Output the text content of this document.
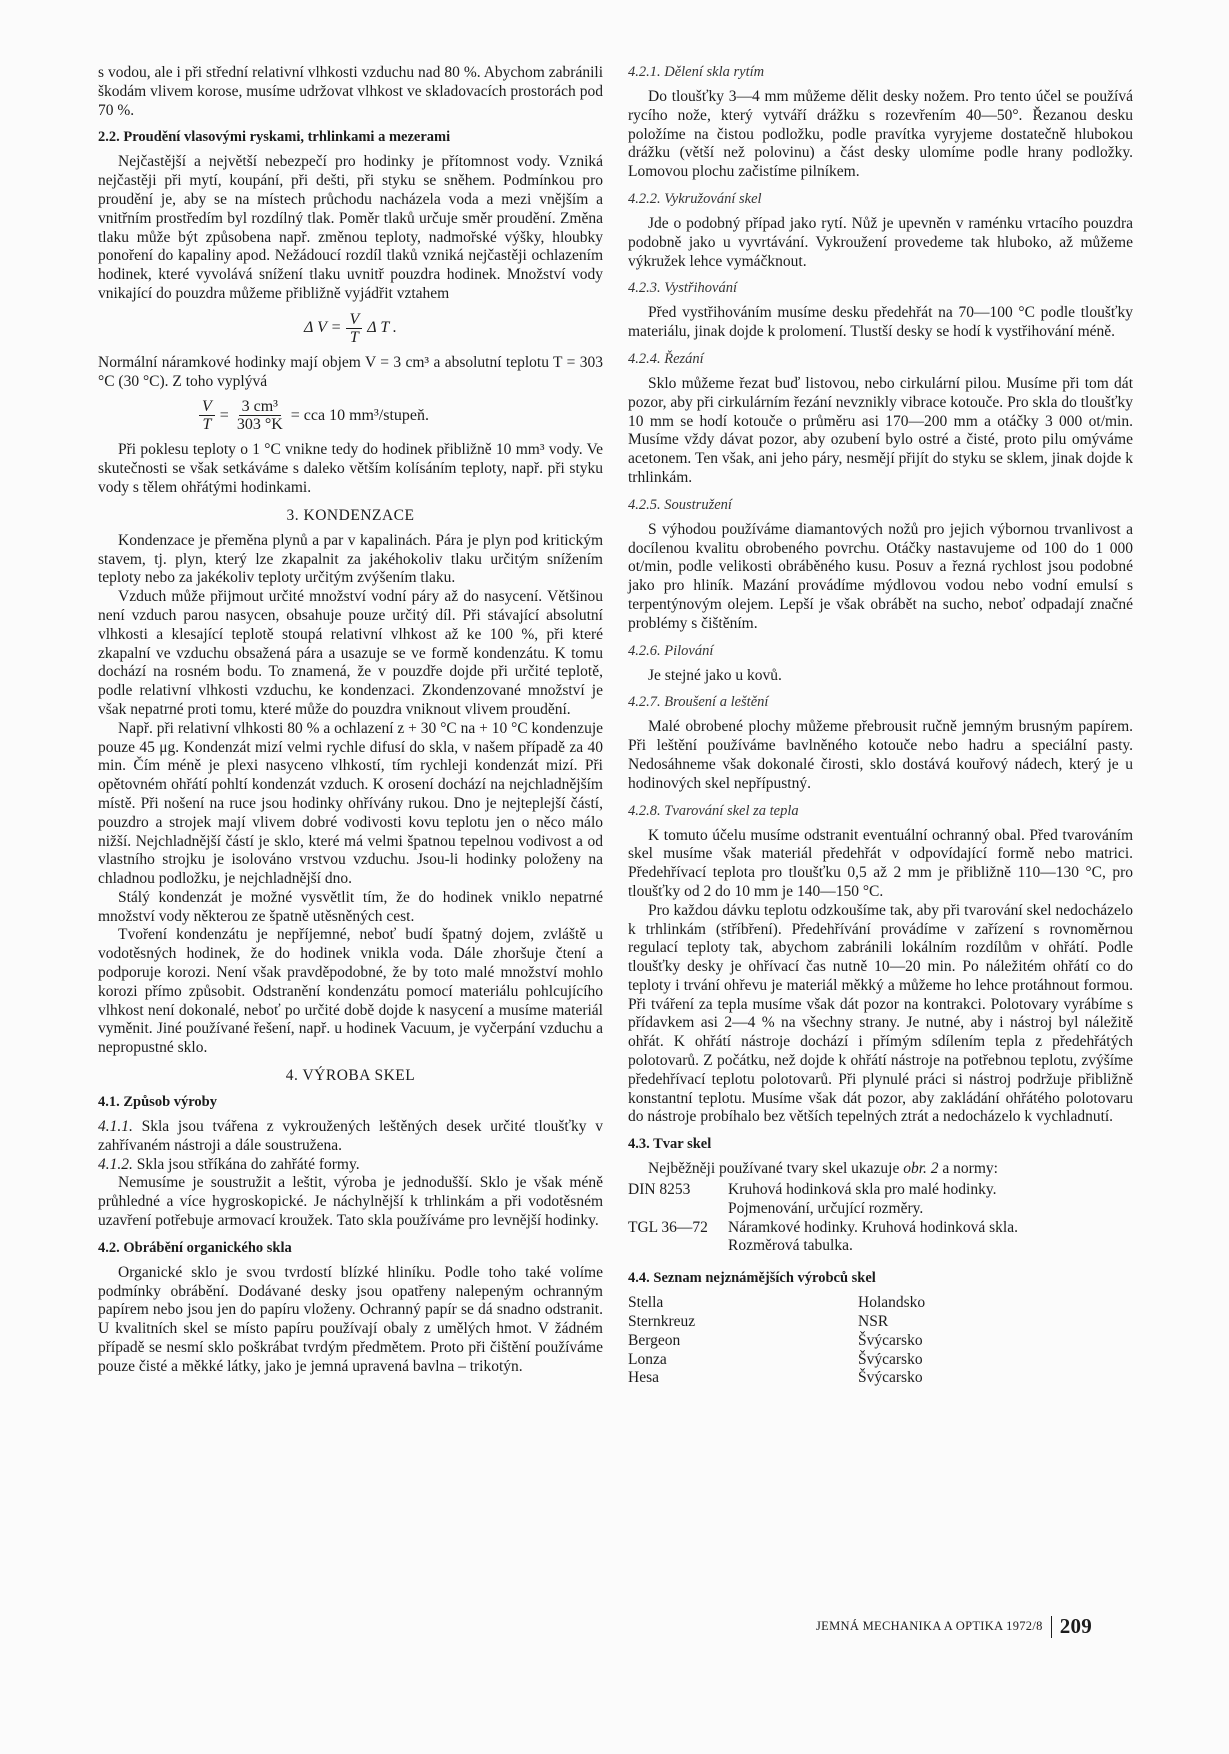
s vodou, ale i při střední relativní vlhkosti vzduchu nad 80 %. Abychom zabránili škodám vlivem korose, musíme udržovat vlhkost ve skladovacích prostorách pod 70 %.

2.2. Proudění vlasovými ryskami, trhlinkami a mezerami

Nejčastější a největší nebezpečí pro hodinky je přítomnost vody. Vzniká nejčastěji při mytí, koupání, při dešti, při styku se sněhem. Podmínkou pro proudění je, aby se na místech průchodu nacházela voda a mezi vnějším a vnitřním prostředím byl rozdílný tlak. Poměr tlaků určuje směr proudění. Změna tlaku může být způsobena např. změnou teploty, nadmořské výšky, hloubky ponoření do kapaliny apod. Nežádoucí rozdíl tlaků vzniká nejčastěji ochlazením hodinek, které vyvolává snížení tlaku uvnitř pouzdra hodinek. Množství vody vnikající do pouzdra můžeme přibližně vyjádřit vztahem

Δ $V = \frac{V}{T}$ Δ T .

Normální náramkové hodinky mají objem V = 3 cm³ a absolutní teplotu T = 303 °C (30 °C). Z toho vyplývá

$\frac{V}{T} = \frac{\text{3 cm³}}{303 ^\circ K}$ = cca 10 mm³/stupeň.

Při poklesu teploty o 1 °C vnikne tedy do hodinek přibližně 10 mm³ vody. Ve skutečnosti se však setkáváme s daleko větším kolísáním teploty, např. při styku vody s tělem ohřátými hodinkami.

3. KONDENZACE

Kondenzace je přeměna plynů a par v kapalinách. Pára je plyn pod kritickým stavem, tj. plyn, který lze zkapalnit za jakéhokoliv tlaku určitým snížením teploty nebo za jakékoliv teploty určitým zvýšením tlaku.

Vzduch může přijmout určité množství vodní páry až do nasycení. Většinou není vzduch parou nasycen, obsahuje pouze určitý díl. Při stávající absolutní vlhkosti a klesající teplotě stoupá relativní vlhkost až ke 100 %, při které zkapalní ve vzduchu obsažená pára a usazuje se ve formě kondenzátu. K tomu dochází na rosném bodu. To znamená, že v pouzdře dojde při určité teplotě, podle relativní vlhkosti vzduchu, ke kondenzaci. Zkondenzované množství je však nepatrné proti tomu, které může do pouzdra vniknout vlivem proudění.

Např. při relativní vlhkosti 80 % a ochlazení z + 30 °C na + 10 °C kondenzuje pouze 45 μg. Kondenzát mizí velmi rychle difusí do skla, v našem případě za 40 min. Čím méně je plexi nasyceno vlhkostí, tím rychleji kondenzát mizí. Při opětovném ohřátí pohltí kondenzát vzduch. K orosení dochází na nejchladnějším místě. Při nošení na ruce jsou hodinky ohřívány rukou. Dno je nejteplejší částí, pouzdro a strojek mají vlivem dobré vodivosti kovu teplotu jen o něco málo nižší. Nejchladnější částí je sklo, které má velmi špatnou tepelnou vodivost a od vlastního strojku je isolováno vrstvou vzduchu. Jsou-li hodinky položeny na chladnou podložku, je nejchladnější dno.

Stálý kondenzát je možné vysvětlit tím, že do hodinek vniklo nepatrné množství vody některou ze špatně utěsněných cest.

Tvoření kondenzátu je nepříjemné, neboť budí špatný dojem, zvláště u vodotěsných hodinek, že do hodinek vnikla voda. Dále zhoršuje čtení a podporuje korozi. Není však pravděpodobné, že by toto malé množství mohlo korozi přímo způsobit. Odstranění kondenzátu pomocí materiálu pohlcujícího vlhkost není dokonalé, neboť po určité době dojde k nasycení a musíme materiál vyměnit. Jiné používané řešení, např. u hodinek Vacuum, je vyčerpání vzduchu a nepropustné sklo.

4. VÝROBA SKEL
4.1. Způsob výroby

4.1.1. Skla jsou tvářena z vykroužených leštěných desek určité tloušťky v zahřívaném nástroji a dále soustružena.

4.1.2. Skla jsou stříkána do zahřáté formy.

Nemusíme je soustružit a leštit, výroba je jednodušší. Sklo je však méně průhledné a více hygroskopické. Je náchylnější k trhlinkám a při vodotěsném uzavření potřebuje armovací kroužek. Tato skla používáme pro levnější hodinky.

4.2. Obrábění organického skla

Organické sklo je svou tvrdostí blízké hliníku. Podle toho také volíme podmínky obrábění. Dodávané desky jsou opatřeny nalepeným ochranným papírem nebo jsou jen do papíru vloženy. Ochranný papír se dá snadno odstranit. U kvalitních skel se místo papíru používají obaly z umělých hmot. V žádném případě se nesmí sklo poškrábat tvrdým předmětem. Proto při čištění používáme pouze čisté a měkké látky, jako je jemná upravená bavlna – trikotýn.

4.2.1. Dělení skla rytím

Do tloušťky 3—4 mm můžeme dělit desky nožem. Pro tento účel se používá rycího nože, který vytváří drážku s rozevřením 40—50°. Řezanou desku položíme na čistou podložku, podle pravítka vyryjeme dostatečně hlubokou drážku (větší než polovinu) a část desky ulomíme podle hrany podložky. Lomovou plochu začistíme pilníkem.

4.2.2. Vykružování skel

Jde o podobný případ jako rytí. Nůž je upevněn v raménku vrtacího pouzdra podobně jako u vyvrtávání. Vykroužení provedeme tak hluboko, až můžeme výkružek lehce vymáčknout.

4.2.3. Vystřihování

Před vystřihováním musíme desku předehřát na 70—100 °C podle tloušťky materiálu, jinak dojde k prolomení. Tlustší desky se hodí k vystřihování méně.

4.2.4. Řezání

Sklo můžeme řezat buď listovou, nebo cirkulární pilou. Musíme při tom dát pozor, aby při cirkulárním řezání nevznikly vibrace kotouče. Pro skla do tloušťky 10 mm se hodí kotouče o průměru asi 170—200 mm a otáčky 3 000 ot/min. Musíme vždy dávat pozor, aby ozubení bylo ostré a čisté, proto pilu omýváme acetonem. Ten však, ani jeho páry, nesmějí přijít do styku se sklem, jinak dojde k trhlinkám.

4.2.5. Soustružení

S výhodou používáme diamantových nožů pro jejich výbornou trvanlivost a docílenou kvalitu obrobeného povrchu. Otáčky nastavujeme od 100 do 1 000 ot/min, podle velikosti obráběného kusu. Posuv a řezná rychlost jsou podobné jako pro hliník. Mazání provádíme mýdlovou vodou nebo vodní emulsí s terpentýnovým olejem. Lepší je však obrábět na sucho, neboť odpadají značné problémy s čištěním.

4.2.6. Pilování

Je stejné jako u kovů.

4.2.7. Broušení a leštění

Malé obrobené plochy můžeme přebrousit ručně jemným brusným papírem. Při leštění používáme bavlněného kotouče nebo hadru a speciální pasty. Nedosáhneme však dokonalé čirosti, sklo dostává kouřový nádech, který je u hodinových skel nepřípustný.

4.2.8. Tvarování skel za tepla

K tomuto účelu musíme odstranit eventuální ochranný obal. Před tvarováním skel musíme však materiál předehřát v odpovídající formě nebo matrici. Předehřívací teplota pro tloušťku 0,5 až 2 mm je přibližně 110—130 °C, pro tloušťky od 2 do 10 mm je 140—150 °C.

Pro každou dávku teplotu odzkoušíme tak, aby při tvarování skel nedocházelo k trhlinkám (stříbření). Předehřívání provádíme v zařízení s rovnoměrnou regulací teploty tak, abychom zabránili lokálním rozdílům v ohřátí. Podle tloušťky desky je ohřívací čas nutně 10—20 min. Po náležitém ohřátí co do teploty i trvání ohřevu je materiál měkký a můžeme ho lehce protáhnout formou. Při tváření za tepla musíme však dát pozor na kontrakci. Polotovary vyrábíme s přídavkem asi 2—4 % na všechny strany. Je nutné, aby i nástroj byl náležitě ohřát. K ohřátí nástroje dochází i přímým sdílením tepla z předehřátých polotovarů. Z počátku, než dojde k ohřátí nástroje na potřebnou teplotu, zvýšíme předehřívací teplotu polotovarů. Při plynulé práci si nástroj podržuje přibližně konstantní teplotu. Musíme však dát pozor, aby zakládání ohřátého polotovaru do nástroje probíhalo bez větších tepelných ztrát a nedocházelo k vychladnutí.

4.3. Tvar skel

Nejběžněji používané tvary skel ukazuje obr. 2 a normy:

DIN 8253	Kruhová hodinková skla pro malé hodinky.
Pojmenování, určující rozměry.
TGL 36—72	Náramkové hodinky. Kruhová hodinková skla.
Rozměrová tabulka.
4.4. Seznam nejznámějších výrobců skel
Stella	Holandsko
Sternkreuz	NSR
Bergeon	Švýcarsko
Lonza	Švýcarsko
Hesa	Švýcarsko
JEMNÁ MECHANIKA A OPTIKA 1972/8 209
